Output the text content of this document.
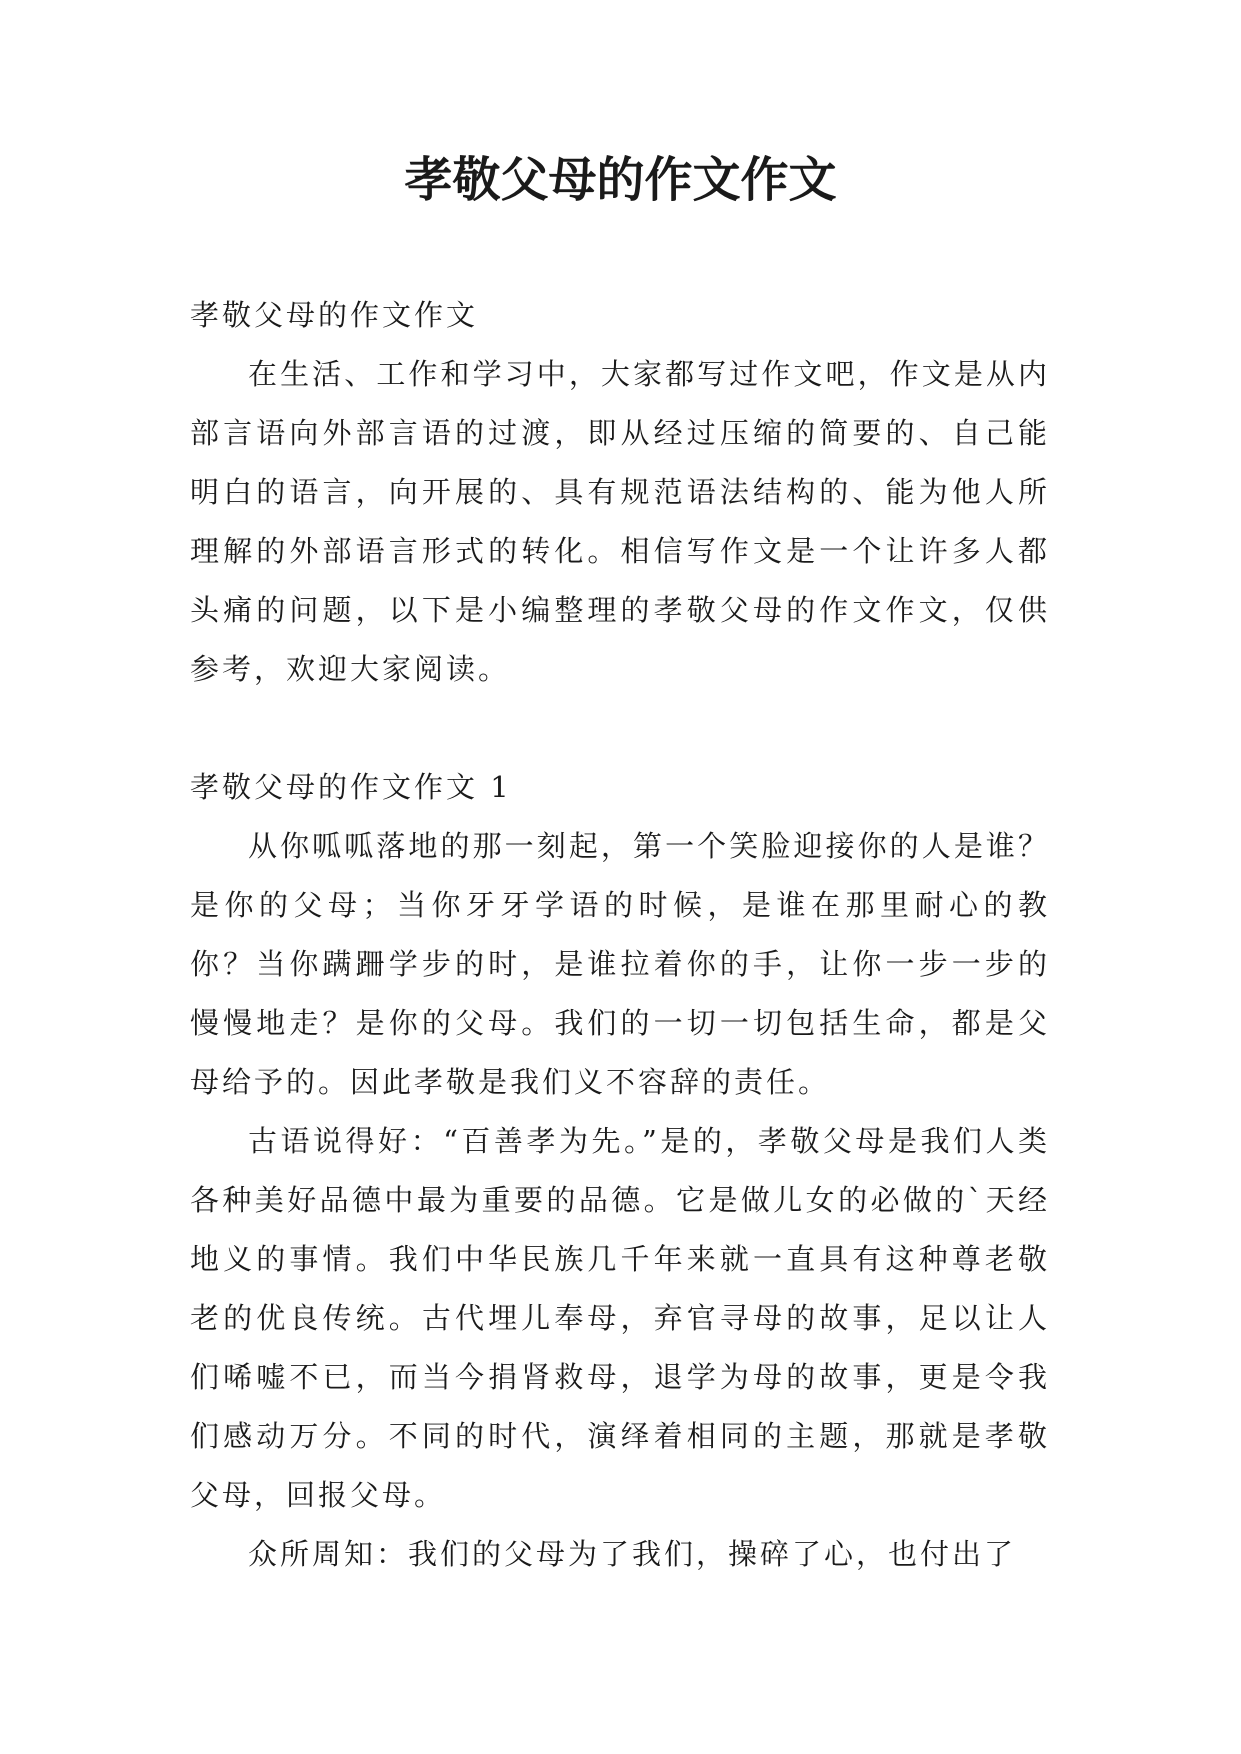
孝敬父母的作文作文

孝敬父母的作文作文

在生活、工作和学习中，大家都写过作文吧，作文是从内部言语向外部言语的过渡，即从经过压缩的简要的、自己能明白的语言，向开展的、具有规范语法结构的、能为他人所理解的外部语言形式的转化。相信写作文是一个让许多人都头痛的问题，以下是小编整理的孝敬父母的作文作文，仅供参考，欢迎大家阅读。

孝敬父母的作文作文 1

从你呱呱落地的那一刻起，第一个笑脸迎接你的人是谁？是你的父母；当你牙牙学语的时候，是谁在那里耐心的教你？当你蹒跚学步的时，是谁拉着你的手，让你一步一步的慢慢地走？是你的父母。我们的一切一切包括生命，都是父母给予的。因此孝敬是我们义不容辞的责任。

古语说得好：“百善孝为先。”是的，孝敬父母是我们人类各种美好品德中最为重要的品德。它是做儿女的必做的`天经地义的事情。我们中华民族几千年来就一直具有这种尊老敬老的优良传统。古代埋儿奉母，弃官寻母的故事，足以让人们唏嘘不已，而当今捐肾救母，退学为母的故事，更是令我们感动万分。不同的时代，演绎着相同的主题，那就是孝敬父母，回报父母。

众所周知：我们的父母为了我们，操碎了心，也付出了
